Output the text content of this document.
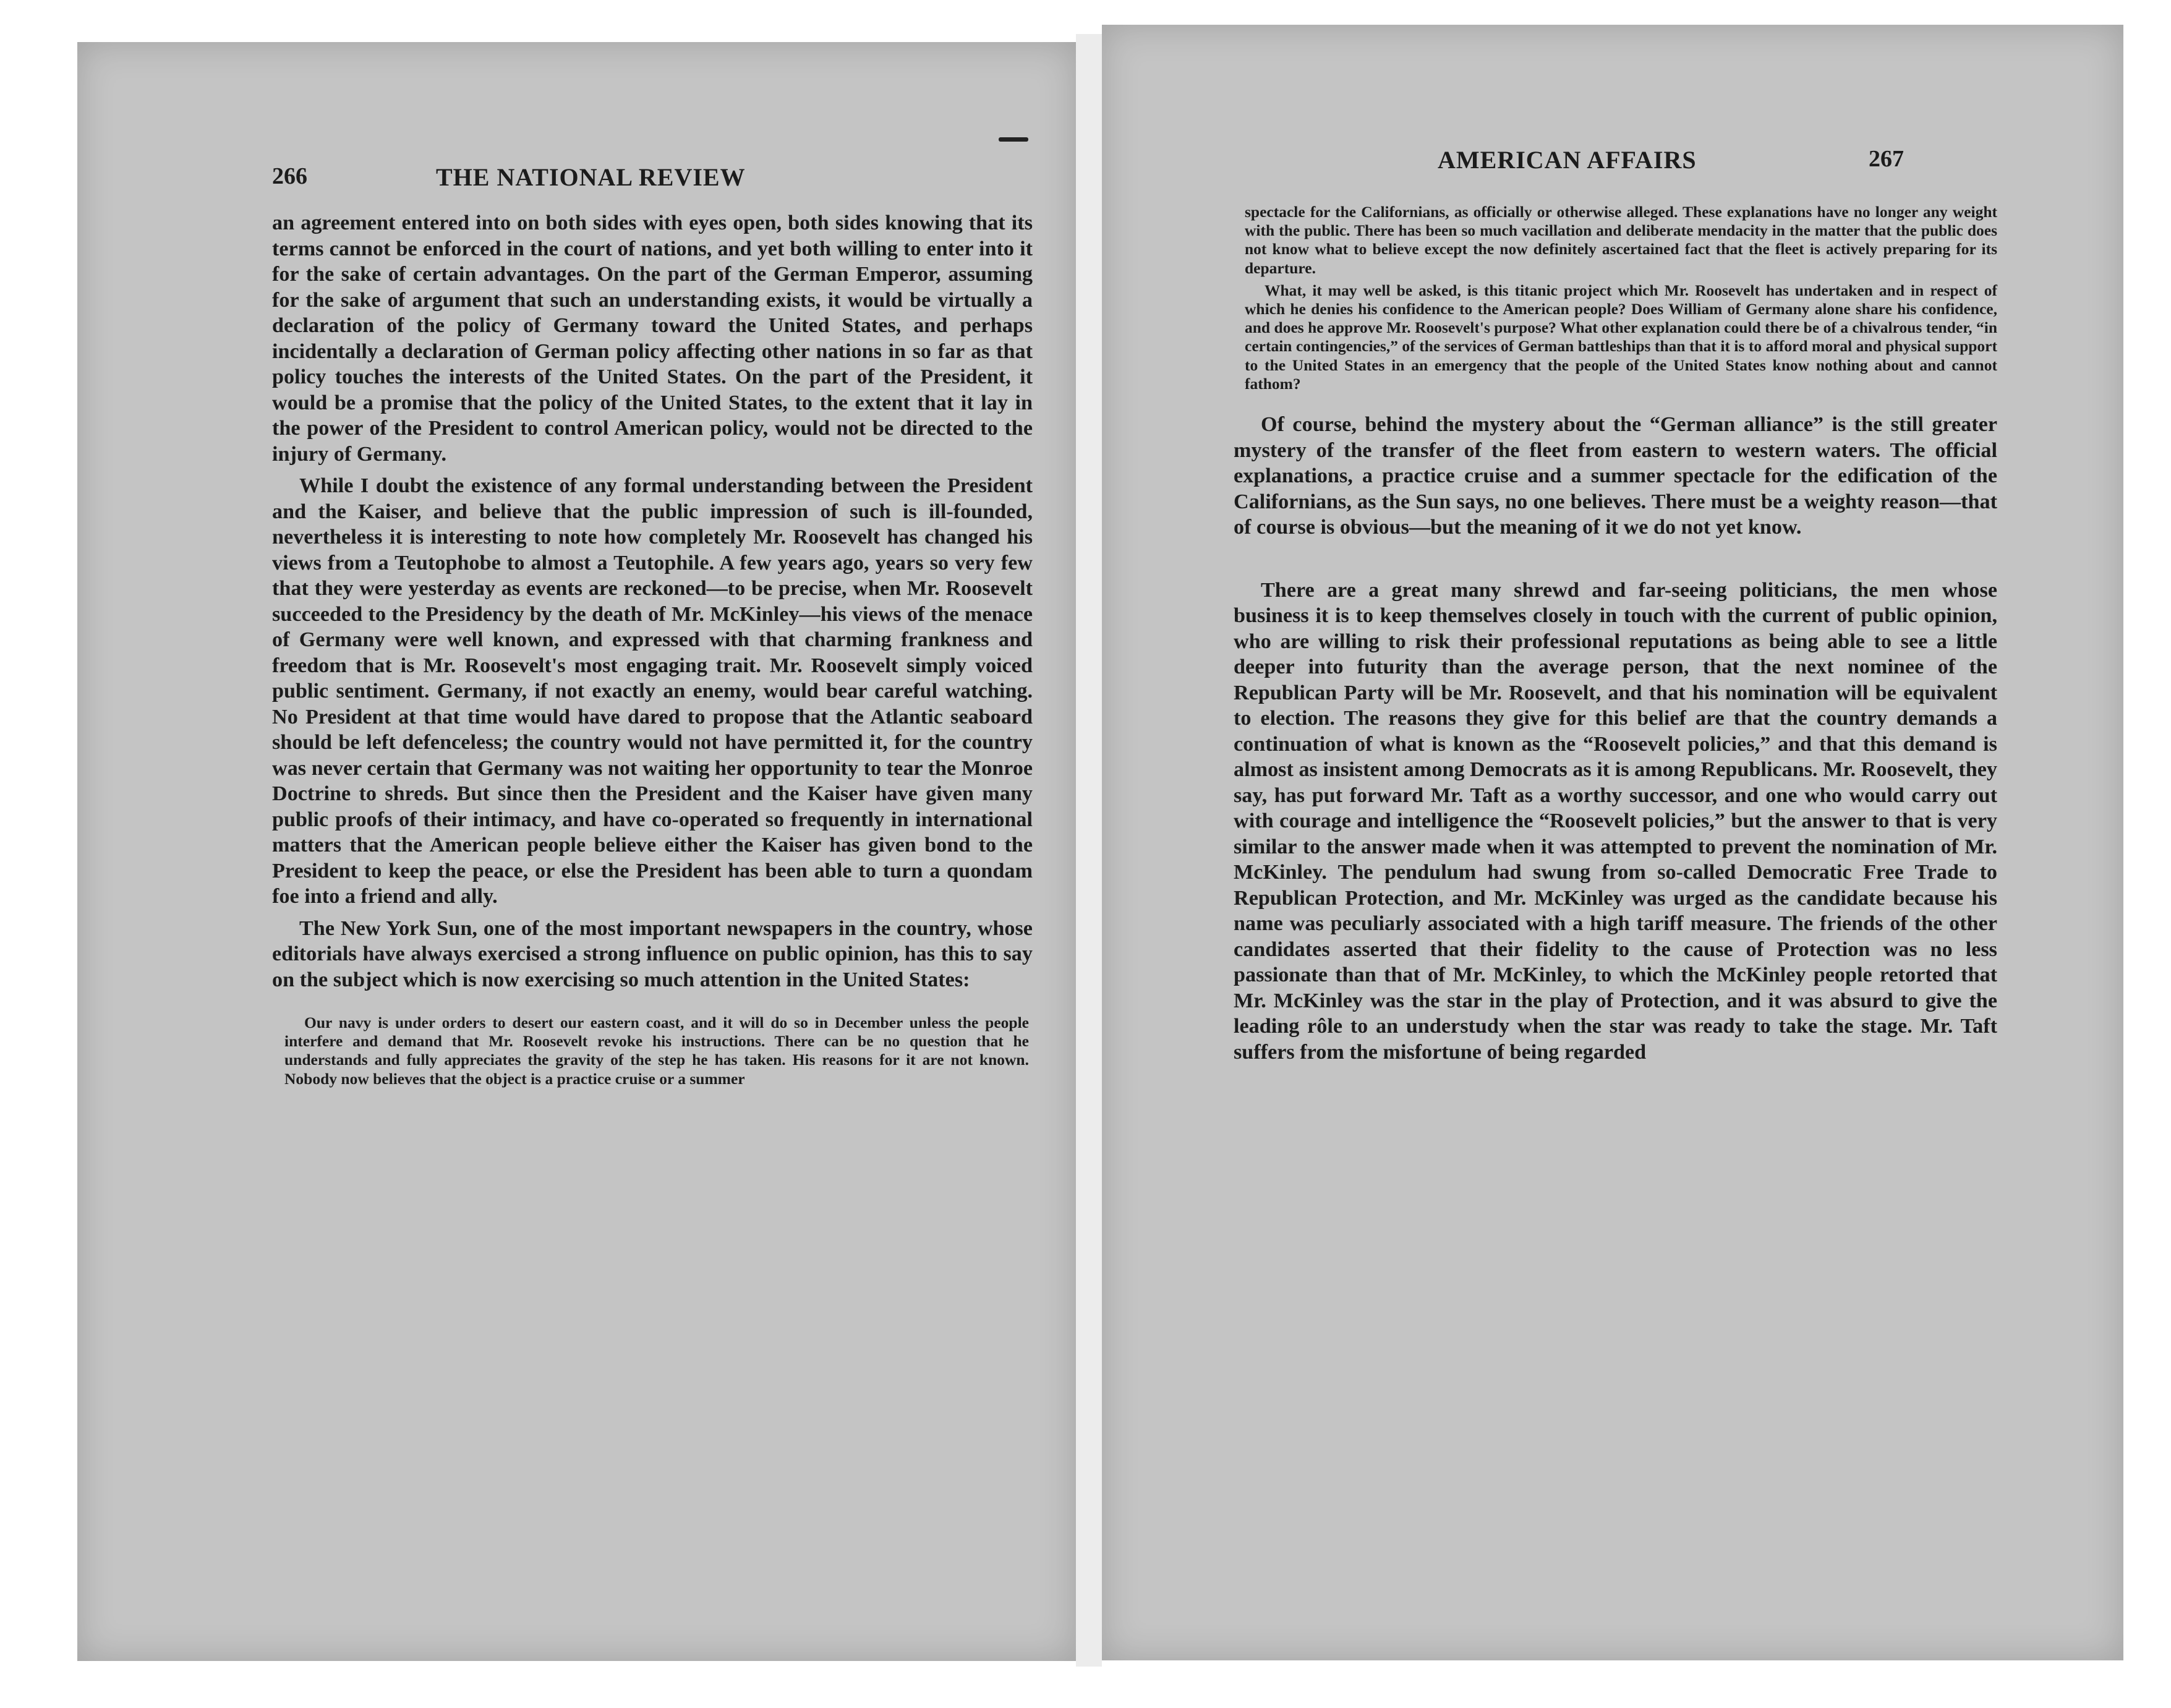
266	THE NATIONAL REVIEW

an agreement entered into on both sides with eyes open, both sides knowing that its terms cannot be enforced in the court of nations, and yet both willing to enter into it for the sake of certain advantages. On the part of the German Emperor, assuming for the sake of argument that such an understanding exists, it would be virtually a declaration of the policy of Germany toward the United States, and perhaps incidentally a declaration of German policy affecting other nations in so far as that policy touches the interests of the United States. On the part of the President, it would be a promise that the policy of the United States, to the extent that it lay in the power of the President to control American policy, would not be directed to the injury of Germany.

While I doubt the existence of any formal understanding between the President and the Kaiser, and believe that the public impression of such is ill-founded, nevertheless it is interesting to note how completely Mr. Roosevelt has changed his views from a Teutophobe to almost a Teutophile. A few years ago, years so very few that they were yesterday as events are reckoned—to be precise, when Mr. Roosevelt succeeded to the Presidency by the death of Mr. McKinley—his views of the menace of Germany were well known, and expressed with that charming frankness and freedom that is Mr. Roosevelt's most engaging trait. Mr. Roosevelt simply voiced public sentiment. Germany, if not exactly an enemy, would bear careful watching. No President at that time would have dared to propose that the Atlantic seaboard should be left defenceless; the country would not have permitted it, for the country was never certain that Germany was not waiting her opportunity to tear the Monroe Doctrine to shreds. But since then the President and the Kaiser have given many public proofs of their intimacy, and have co-operated so frequently in international matters that the American people believe either the Kaiser has given bond to the President to keep the peace, or else the President has been able to turn a quondam foe into a friend and ally.

The New York Sun, one of the most important newspapers in the country, whose editorials have always exercised a strong influence on public opinion, has this to say on the subject which is now exercising so much attention in the United States:

Our navy is under orders to desert our eastern coast, and it will do so in December unless the people interfere and demand that Mr. Roosevelt revoke his instructions. There can be no question that he understands and fully appreciates the gravity of the step he has taken. His reasons for it are not known. Nobody now believes that the object is a practice cruise or a summer

AMERICAN AFFAIRS	267

spectacle for the Californians, as officially or otherwise alleged. These explanations have no longer any weight with the public. There has been so much vacillation and deliberate mendacity in the matter that the public does not know what to believe except the now definitely ascertained fact that the fleet is actively preparing for its departure.

What, it may well be asked, is this titanic project which Mr. Roosevelt has undertaken and in respect of which he denies his confidence to the American people? Does William of Germany alone share his confidence, and does he approve Mr. Roosevelt's purpose? What other explanation could there be of a chivalrous tender, “in certain contingencies,” of the services of German battleships than that it is to afford moral and physical support to the United States in an emergency that the people of the United States know nothing about and cannot fathom?

Of course, behind the mystery about the “German alliance” is the still greater mystery of the transfer of the fleet from eastern to western waters. The official explanations, a practice cruise and a summer spectacle for the edification of the Californians, as the Sun says, no one believes. There must be a weighty reason—that of course is obvious—but the meaning of it we do not yet know.

There are a great many shrewd and far-seeing politicians, the men whose business it is to keep themselves closely in touch with the current of public opinion, who are willing to risk their professional reputations as being able to see a little deeper into futurity than the average person, that the next nominee of the Republican Party will be Mr. Roosevelt, and that his nomination will be equivalent to election. The reasons they give for this belief are that the country demands a continuation of what is known as the “Roosevelt policies,” and that this demand is almost as insistent among Democrats as it is among Republicans. Mr. Roosevelt, they say, has put forward Mr. Taft as a worthy successor, and one who would carry out with courage and intelligence the “Roosevelt policies,” but the answer to that is very similar to the answer made when it was attempted to prevent the nomination of Mr. McKinley. The pendulum had swung from so-called Democratic Free Trade to Republican Protection, and Mr. McKinley was urged as the candidate because his name was peculiarly associated with a high tariff measure. The friends of the other candidates asserted that their fidelity to the cause of Protection was no less passionate than that of Mr. McKinley, to which the McKinley people retorted that Mr. McKinley was the star in the play of Protection, and it was absurd to give the leading rôle to an understudy when the star was ready to take the stage. Mr. Taft suffers from the misfortune of being regarded
